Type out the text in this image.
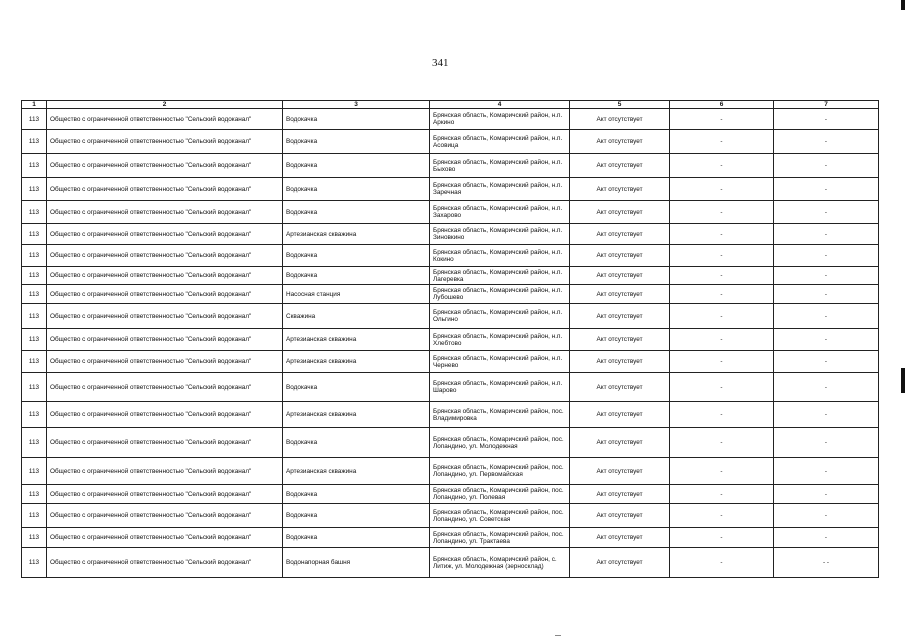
341
1	2	3	4	5	6	7
113	Общество с ограниченной ответственностью "Сельский водоканал"	Водокачка	Брянская область, Комаричский район, н.п. Аркино	Акт отсутствует	-	-
113	Общество с ограниченной ответственностью "Сельский водоканал"	Водокачка	Брянская область, Комаричский район, н.п. Асовица	Акт отсутствует	-	-
113	Общество с ограниченной ответственностью "Сельский водоканал"	Водокачка	Брянская область, Комаричский район, н.п. Быхово	Акт отсутствует	-	-
113	Общество с ограниченной ответственностью "Сельский водоканал"	Водокачка	Брянская область, Комаричский район, н.п. Заречная	Акт отсутствует	-	-
113	Общество с ограниченной ответственностью "Сельский водоканал"	Водокачка	Брянская область, Комаричский район, н.п. Захарово	Акт отсутствует	-	-
113	Общество с ограниченной ответственностью "Сельский водоканал"	Артезианская скважина	Брянская область, Комаричский район, н.п. Зиновкино	Акт отсутствует	-	-
113	Общество с ограниченной ответственностью "Сельский водоканал"	Водокачка	Брянская область, Комаричский район, н.п. Кокино	Акт отсутствует	-	-
113	Общество с ограниченной ответственностью "Сельский водоканал"	Водокачка	Брянская область, Комаричский район, н.п. Лагеревка	Акт отсутствует	-	-
113	Общество с ограниченной ответственностью "Сельский водоканал"	Насосная станция	Брянская область, Комаричский район, н.п. Лубошево	Акт отсутствует	-	-
113	Общество с ограниченной ответственностью "Сельский водоканал"	Скважина	Брянская область, Комаричский район, н.п. Ольгино	Акт отсутствует	-	-
113	Общество с ограниченной ответственностью "Сельский водоканал"	Артезианская скважина	Брянская область, Комаричский район, н.п. Хлебтово	Акт отсутствует	-	-
113	Общество с ограниченной ответственностью "Сельский водоканал"	Артезианская скважина	Брянская область, Комаричский район, н.п. Чернево	Акт отсутствует	-	-
113	Общество с ограниченной ответственностью "Сельский водоканал"	Водокачка	Брянская область, Комаричский район, н.п. Шарово	Акт отсутствует	-	-
113	Общество с ограниченной ответственностью "Сельский водоканал"	Артезианская скважина	Брянская область, Комаричский район, пос. Владимировка	Акт отсутствует	-	-
113	Общество с ограниченной ответственностью "Сельский водоканал"	Водокачка	Брянская область, Комаричский район, пос. Лопандино, ул. Молодежная	Акт отсутствует	-	-
113	Общество с ограниченной ответственностью "Сельский водоканал"	Артезианская скважина	Брянская область, Комаричский район, пос. Лопандино, ул. Первомайская	Акт отсутствует	-	-
113	Общество с ограниченной ответственностью "Сельский водоканал"	Водокачка	Брянская область, Комаричский район, пос. Лопандино, ул. Полевая	Акт отсутствует	-	-
113	Общество с ограниченной ответственностью "Сельский водоканал"	Водокачка	Брянская область, Комаричский район, пос. Лопандино, ул. Советская	Акт отсутствует	-	-
113	Общество с ограниченной ответственностью "Сельский водоканал"	Водокачка	Брянская область, Комаричский район, пос. Лопандино, ул. Трактаева	Акт отсутствует	-	-
113	Общество с ограниченной ответственностью "Сельский водоканал"	Водонапорная башня	Брянская область, Комаричский район, с. Литиж, ул. Молодежная (зерносклад)	Акт отсутствует	-	- -
